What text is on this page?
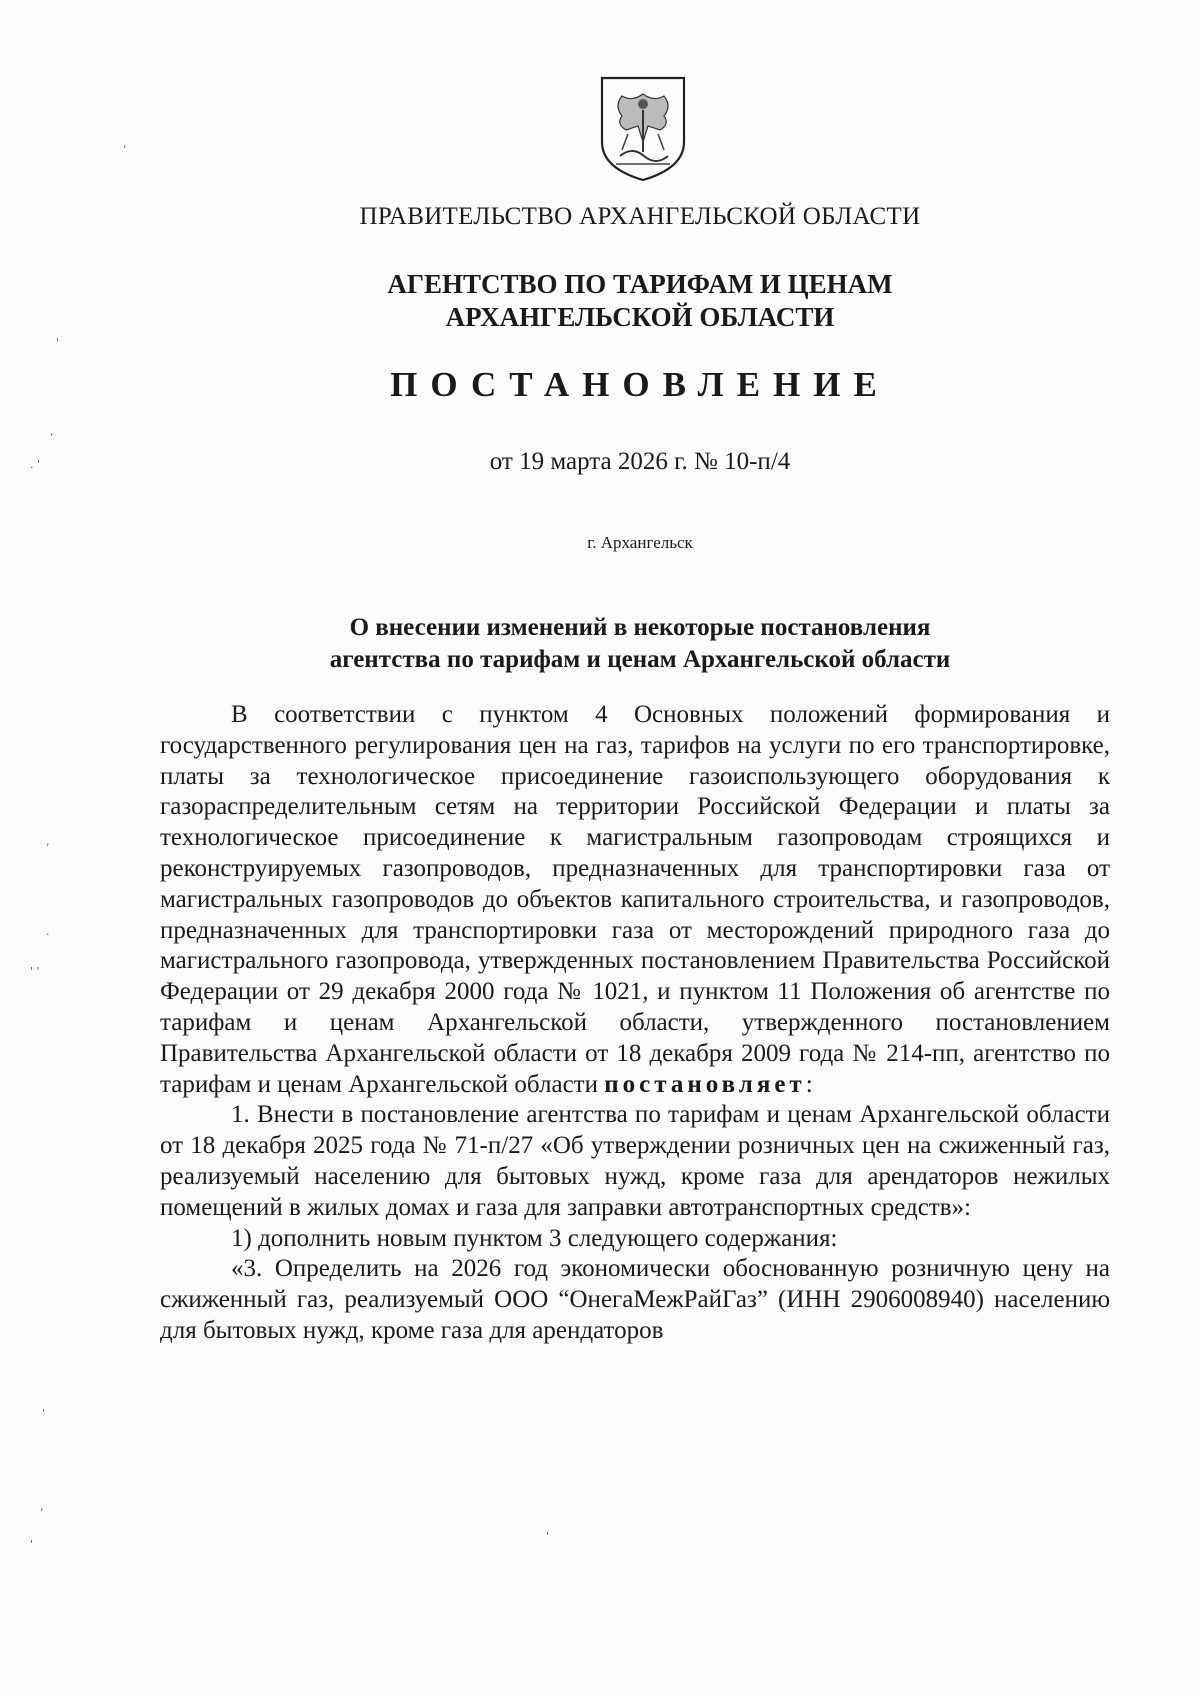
ПРАВИТЕЛЬСТВО АРХАНГЕЛЬСКОЙ ОБЛАСТИ
АГЕНТСТВО ПО ТАРИФАМ И ЦЕНАМ
АРХАНГЕЛЬСКОЙ ОБЛАСТИ
ПОСТАНОВЛЕНИЕ
от 19 марта 2026 г. № 10-п/4
г. Архангельск
О внесении изменений в некоторые постановления
агентства по тарифам и ценам Архангельской области

В соответствии с пунктом 4 Основных положений формирования и государственного регулирования цен на газ, тарифов на услуги по его транспортировке, платы за технологическое присоединение газоиспользующего оборудования к газораспределительным сетям на территории Российской Федерации и платы за технологическое присоединение к магистральным газопроводам строящихся и реконструируемых газопроводов, предназначенных для транспортировки газа от магистральных газопроводов до объектов капитального строительства, и газопроводов, предназначенных для транспортировки газа от месторождений природного газа до магистрального газопровода, утвержденных постановлением Правительства Российской Федерации от 29 декабря 2000 года № 1021, и пунктом 11 Положения об агентстве по тарифам и ценам Архангельской области, утвержденного постановлением Правительства Архангельской области от 18 декабря 2009 года № 214-пп, агентство по тарифам и ценам Архангельской области постановляет:

1. Внести в постановление агентства по тарифам и ценам Архангельской области от 18 декабря 2025 года № 71-п/27 «Об утверждении розничных цен на сжиженный газ, реализуемый населению для бытовых нужд, кроме газа для арендаторов нежилых помещений в жилых домах и газа для заправки автотранспортных средств»:

1) дополнить новым пунктом 3 следующего содержания:

«3. Определить на 2026 год экономически обоснованную розничную цену на сжиженный газ, реализуемый ООО “ОнегаМежРайГаз” (ИНН 2906008940) населению для бытовых нужд, кроме газа для арендаторов

,
'
,
. '
,
.
' '
'
,
'
'
